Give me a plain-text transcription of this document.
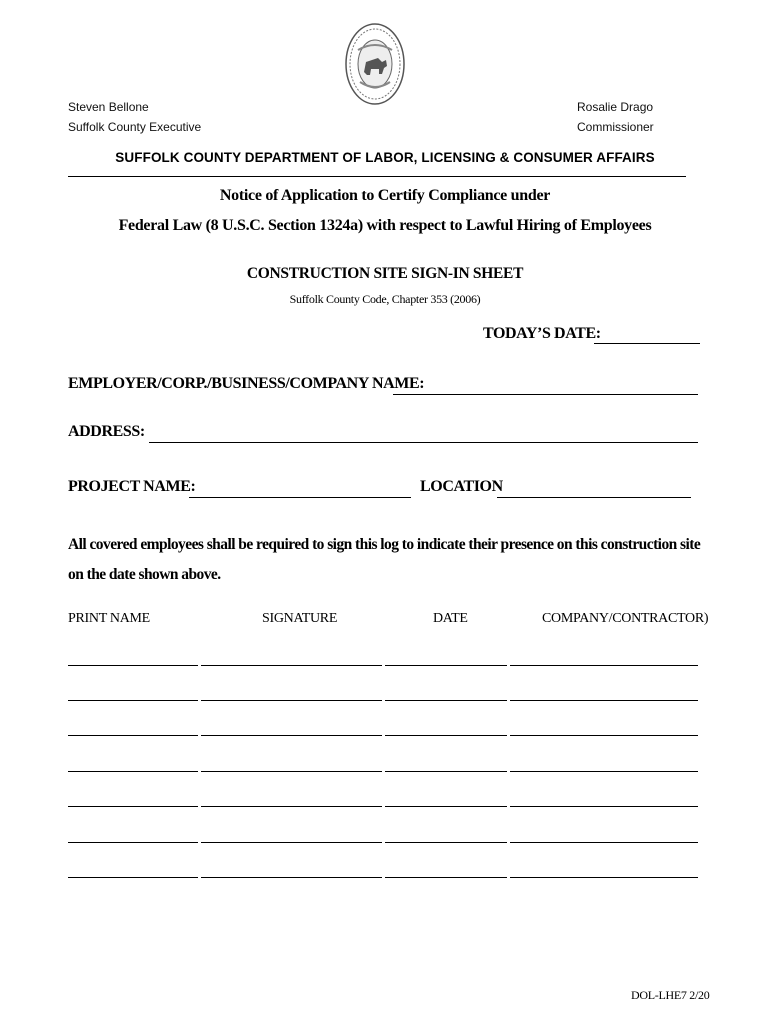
Steven Bellone
Suffolk County Executive
Rosalie Drago
Commissioner
SUFFOLK COUNTY DEPARTMENT OF LABOR, LICENSING & CONSUMER AFFAIRS
Notice of Application to Certify Compliance under
Federal Law (8 U.S.C. Section 1324a) with respect to Lawful Hiring of Employees
CONSTRUCTION SITE SIGN-IN SHEET
Suffolk County Code, Chapter 353 (2006)
TODAY’S DATE:
EMPLOYER/CORP./BUSINESS/COMPANY NAME:
ADDRESS:
PROJECT NAME:	LOCATION
All covered employees shall be required to sign this log to indicate their presence on this construction site on the date shown above.
PRINT NAME	SIGNATURE	DATE	COMPANY/CONTRACTOR)
DOL-LHE7 2/20
